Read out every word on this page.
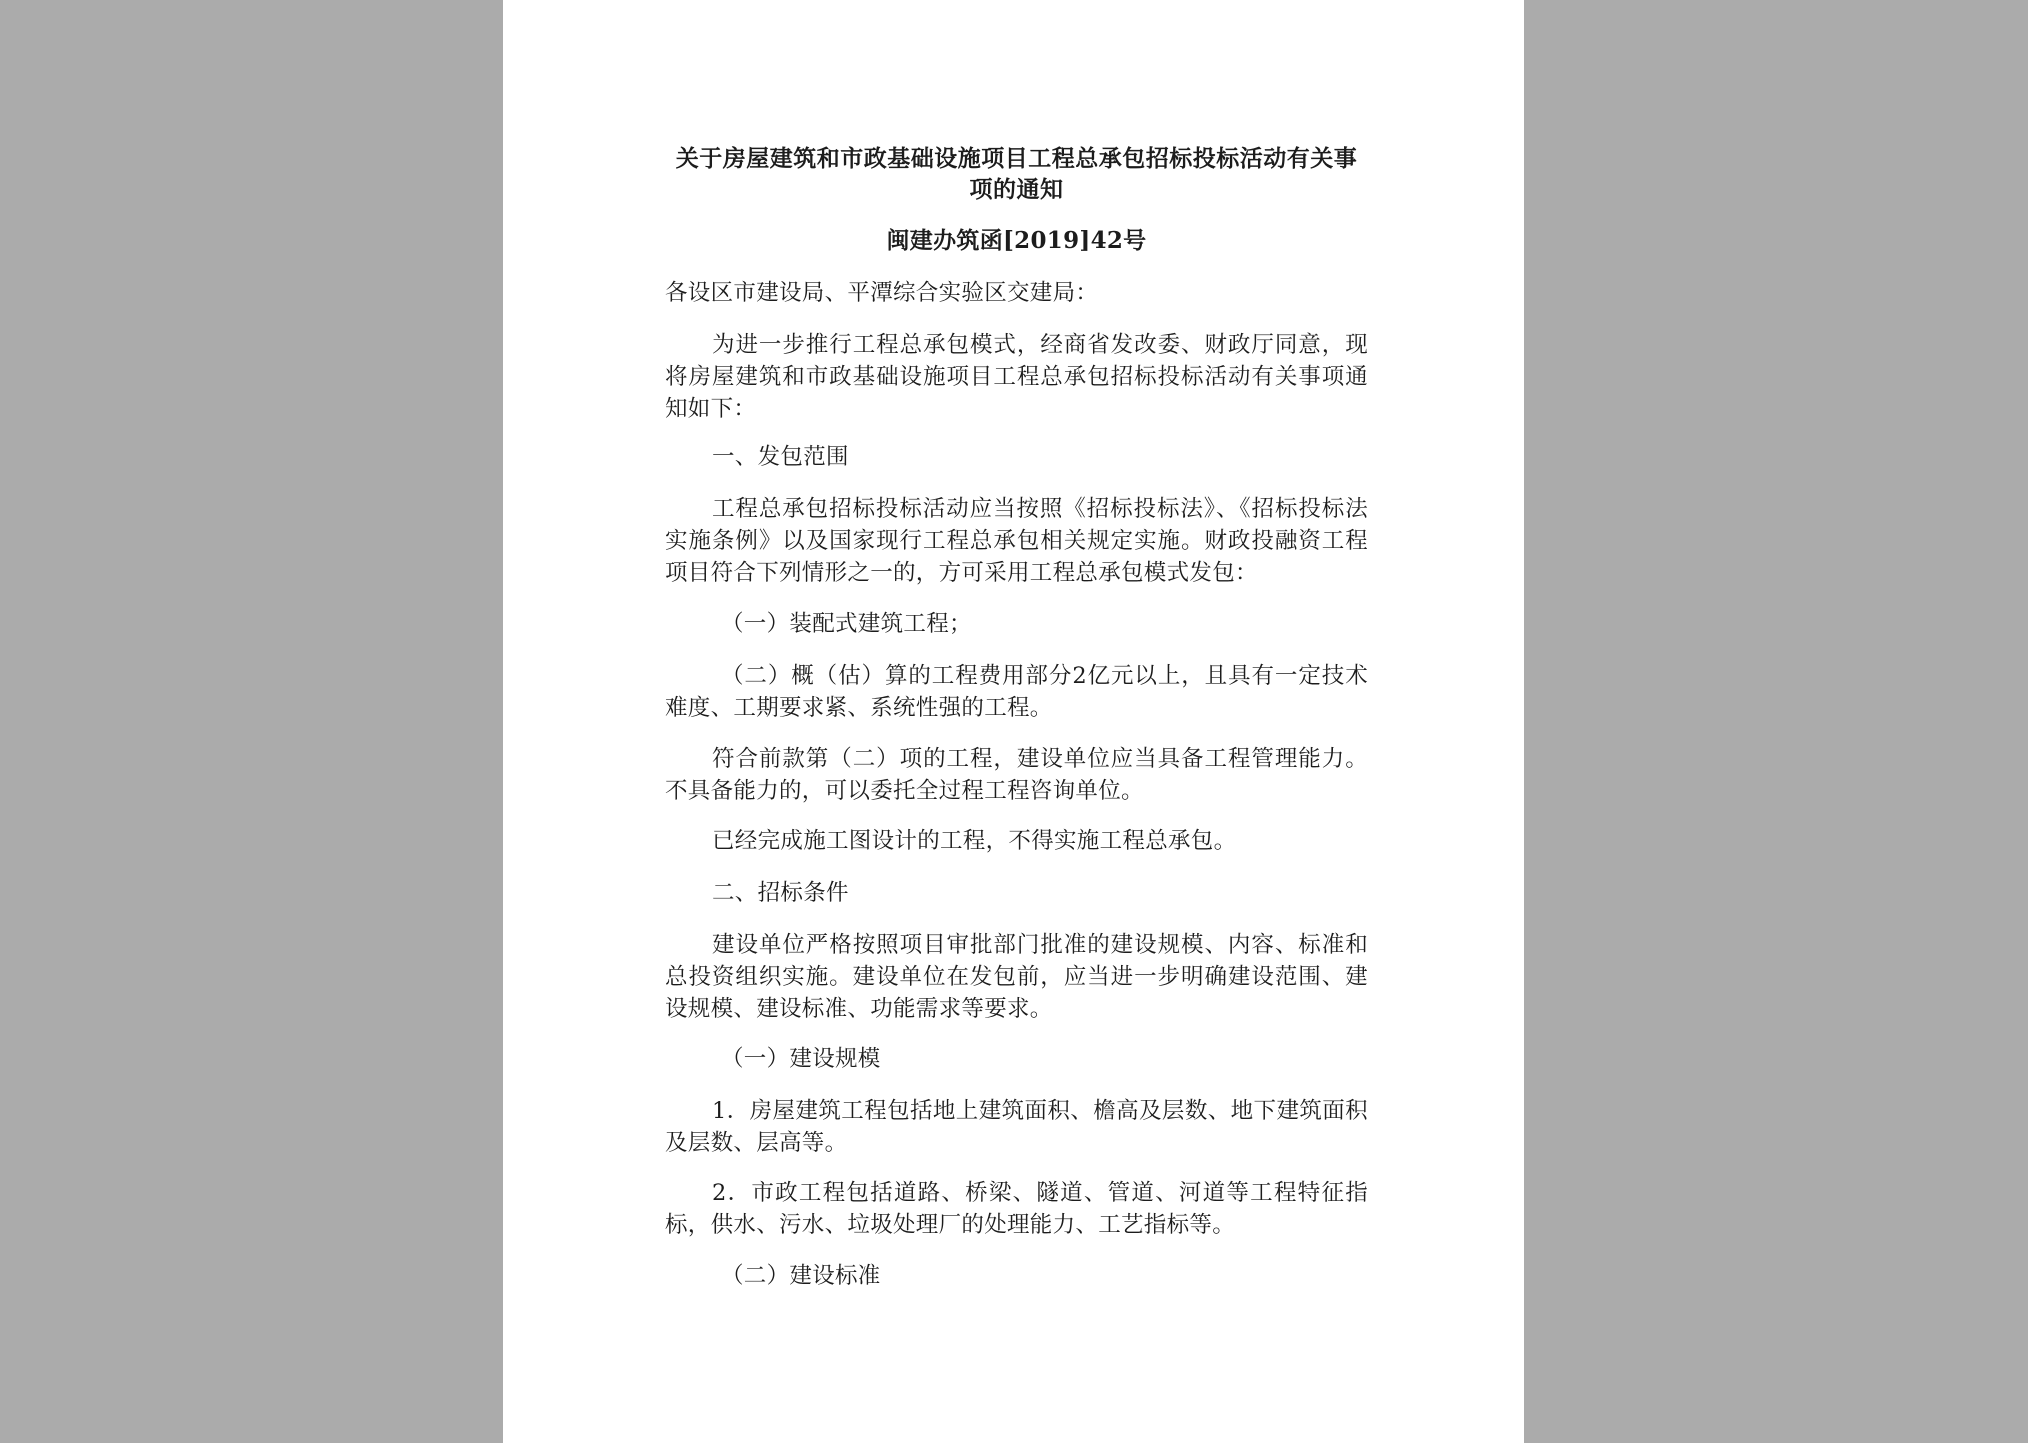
关于房屋建筑和市政基础设施项目工程总承包招标投标活动有关事项的通知
闽建办筑函[2019]42号

各设区市建设局、平潭综合实验区交建局：

为进一步推行工程总承包模式，经商省发改委、财政厅同意，现将房屋建筑和市政基础设施项目工程总承包招标投标活动有关事项通知如下：

一、发包范围

工程总承包招标投标活动应当按照《招标投标法》、《招标投标法实施条例》以及国家现行工程总承包相关规定实施。财政投融资工程项目符合下列情形之一的，方可采用工程总承包模式发包：

（一）装配式建筑工程；

（二）概（估）算的工程费用部分2亿元以上，且具有一定技术难度、工期要求紧、系统性强的工程。

符合前款第（二）项的工程，建设单位应当具备工程管理能力。不具备能力的，可以委托全过程工程咨询单位。

已经完成施工图设计的工程，不得实施工程总承包。

二、招标条件

建设单位严格按照项目审批部门批准的建设规模、内容、标准和总投资组织实施。建设单位在发包前，应当进一步明确建设范围、建设规模、建设标准、功能需求等要求。

（一）建设规模

1．房屋建筑工程包括地上建筑面积、檐高及层数、地下建筑面积及层数、层高等。

2．市政工程包括道路、桥梁、隧道、管道、河道等工程特征指标，供水、污水、垃圾处理厂的处理能力、工艺指标等。

（二）建设标准
